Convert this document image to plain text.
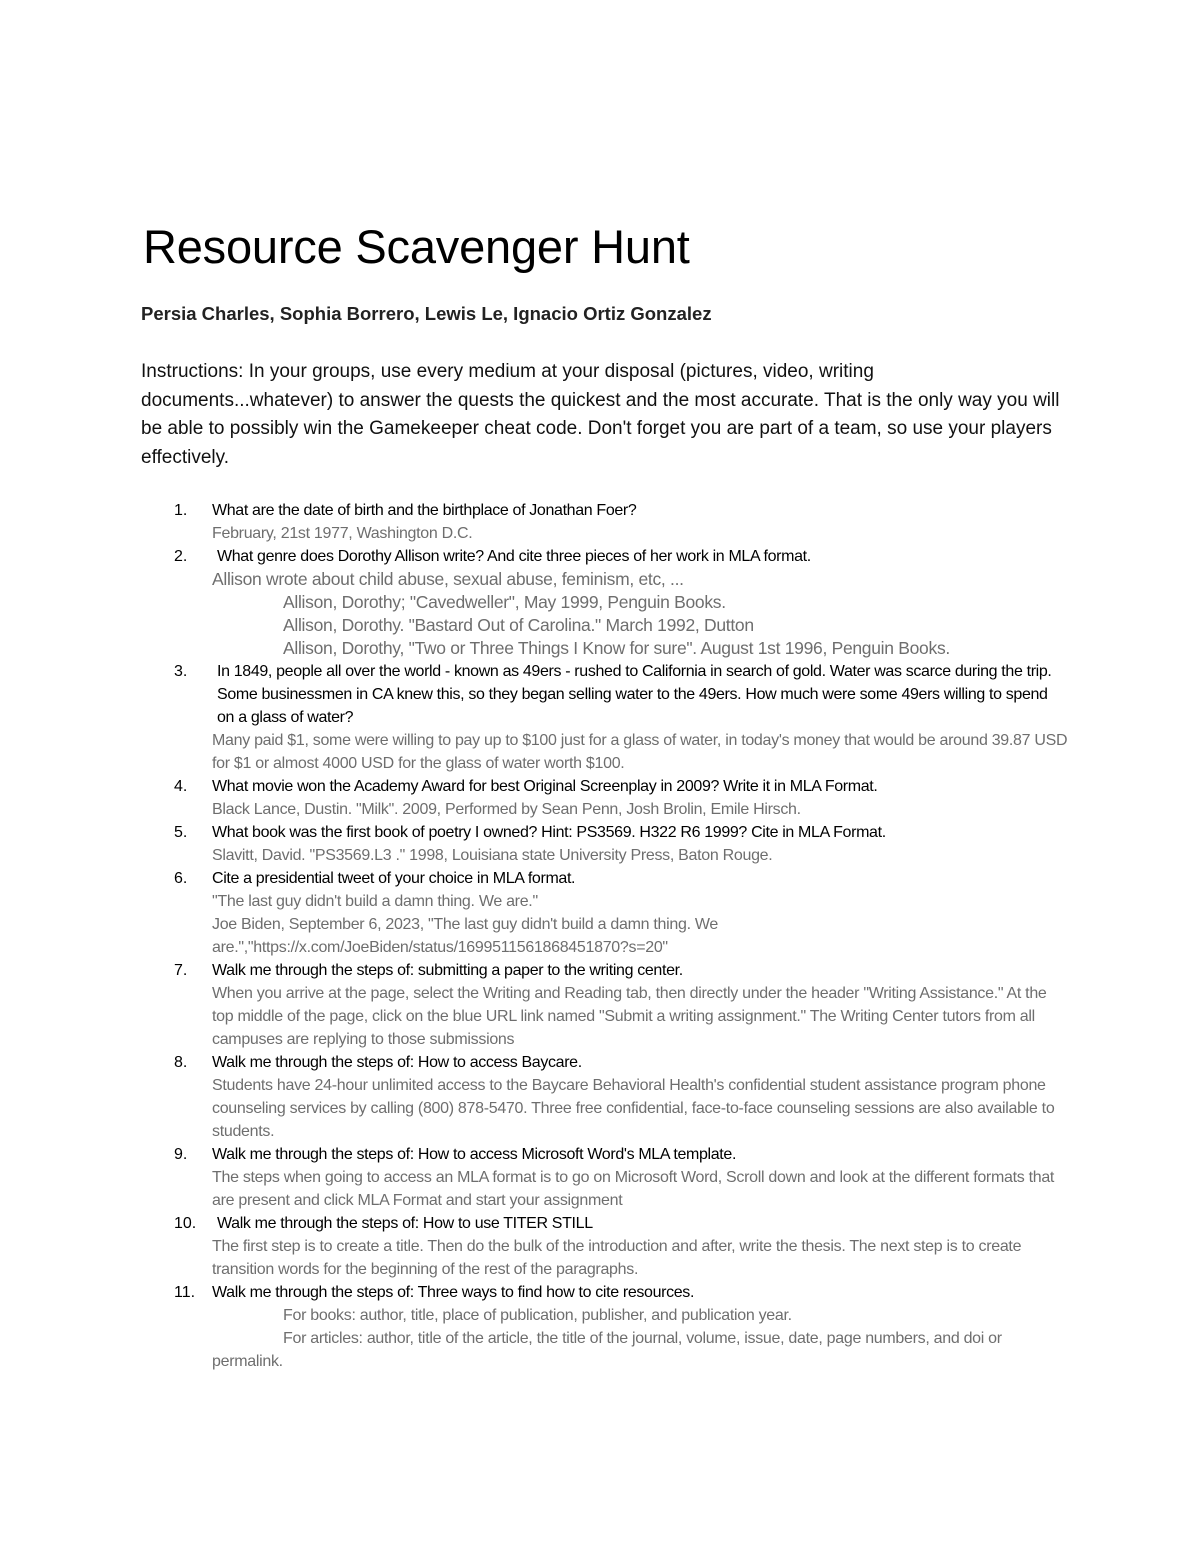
Resource Scavenger Hunt

Persia Charles, Sophia Borrero, Lewis Le, Ignacio Ortiz Gonzalez

Instructions: In your groups, use every medium at your disposal (pictures, video, writing documents...whatever) to answer the quests the quickest and the most accurate. That is the only way you will be able to possibly win the Gamekeeper cheat code. Don't forget you are part of a team, so use your players effectively.

1. What are the date of birth and the birthplace of Jonathan Foer?
February, 21st 1977, Washington D.C.
2.	What genre does Dorothy Allison write? And cite three pieces of her work in MLA format.
Allison wrote about child abuse, sexual abuse, feminism, etc, ...
Allison, Dorothy; "Cavedweller", May 1999, Penguin Books.
Allison, Dorothy. "Bastard Out of Carolina." March 1992, Dutton
Allison, Dorothy, "Two or Three Things I Know for sure". August 1st 1996, Penguin Books.
3.	In 1849, people all over the world - known as 49ers - rushed to California in search of gold. Water was scarce during the trip. Some businessmen in CA knew this, so they began selling water to the 49ers. How much were some 49ers willing to spend on a glass of water?
Many paid $1, some were willing to pay up to $100 just for a glass of water, in today's money that would be around 39.87 USD for $1 or almost 4000 USD for the glass of water worth $100.
4. What movie won the Academy Award for best Original Screenplay in 2009? Write it in MLA Format.
Black Lance, Dustin. "Milk". 2009, Performed by Sean Penn, Josh Brolin, Emile Hirsch.
5. What book was the first book of poetry I owned? Hint: PS3569. H322 R6 1999? Cite in MLA Format.
Slavitt, David. "PS3569.L3 ." 1998, Louisiana state University Press, Baton Rouge.
6. Cite a presidential tweet of your choice in MLA format.
"The last guy didn't build a damn thing. We are."
Joe Biden, September 6, 2023, "The last guy didn't build a damn thing. We are.","https://x.com/JoeBiden/status/1699511561868451870?s=20"
7. Walk me through the steps of: submitting a paper to the writing center.
When you arrive at the page, select the Writing and Reading tab, then directly under the header "Writing Assistance." At the top middle of the page, click on the blue URL link named "Submit a writing assignment." The Writing Center tutors from all campuses are replying to those submissions
8. Walk me through the steps of: How to access Baycare.
Students have 24-hour unlimited access to the Baycare Behavioral Health's confidential student assistance program phone counseling services by calling (800) 878-5470. Three free confidential, face-to-face counseling sessions are also available to students.
9. Walk me through the steps of: How to access Microsoft Word's MLA template.
The steps when going to access an MLA format is to go on Microsoft Word, Scroll down and look at the different formats that are present and click MLA Format and start your assignment
10.	Walk me through the steps of: How to use TITER STILL
The first step is to create a title. Then do the bulk of the introduction and after, write the thesis. The next step is to create transition words for the beginning of the rest of the paragraphs.
11. Walk me through the steps of: Three ways to find how to cite resources.
For books: author, title, place of publication, publisher, and publication year.
For articles: author, title of the article, the title of the journal, volume, issue, date, page numbers, and doi or permalink.
